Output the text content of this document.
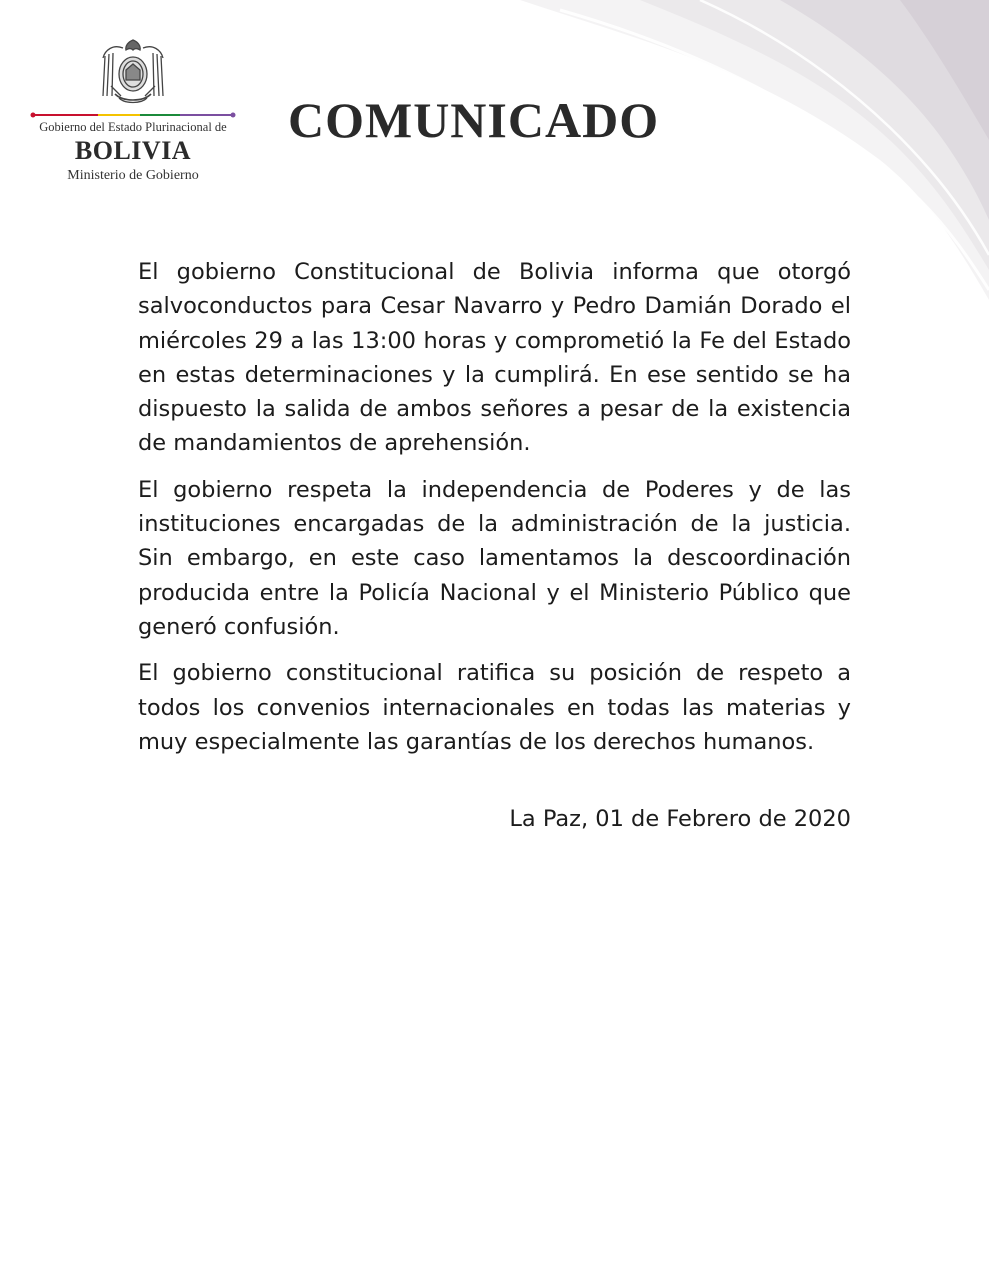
Gobierno del Estado Plurinacional de
BOLIVIA
Ministerio de Gobierno
COMUNICADO

El gobierno Constitucional de Bolivia informa que otorgó salvoconductos para Cesar Navarro y Pedro Damián Dorado el miércoles 29 a las 13:00 horas y comprometió la Fe del Estado en estas determinaciones y la cumplirá. En ese sentido se ha dispuesto la salida de ambos señores a pesar de la existencia de mandamientos de aprehensión.

El gobierno respeta la independencia de Poderes y de las instituciones encargadas de la administración de la justicia. Sin embargo, en este caso lamentamos la descoordinación producida entre la Policía Nacional y el Ministerio Público que generó confusión.

El gobierno constitucional ratifica su posición de respeto a todos los convenios internacionales en todas las materias y muy especialmente las garantías de los derechos humanos.

La Paz, 01 de Febrero de 2020
